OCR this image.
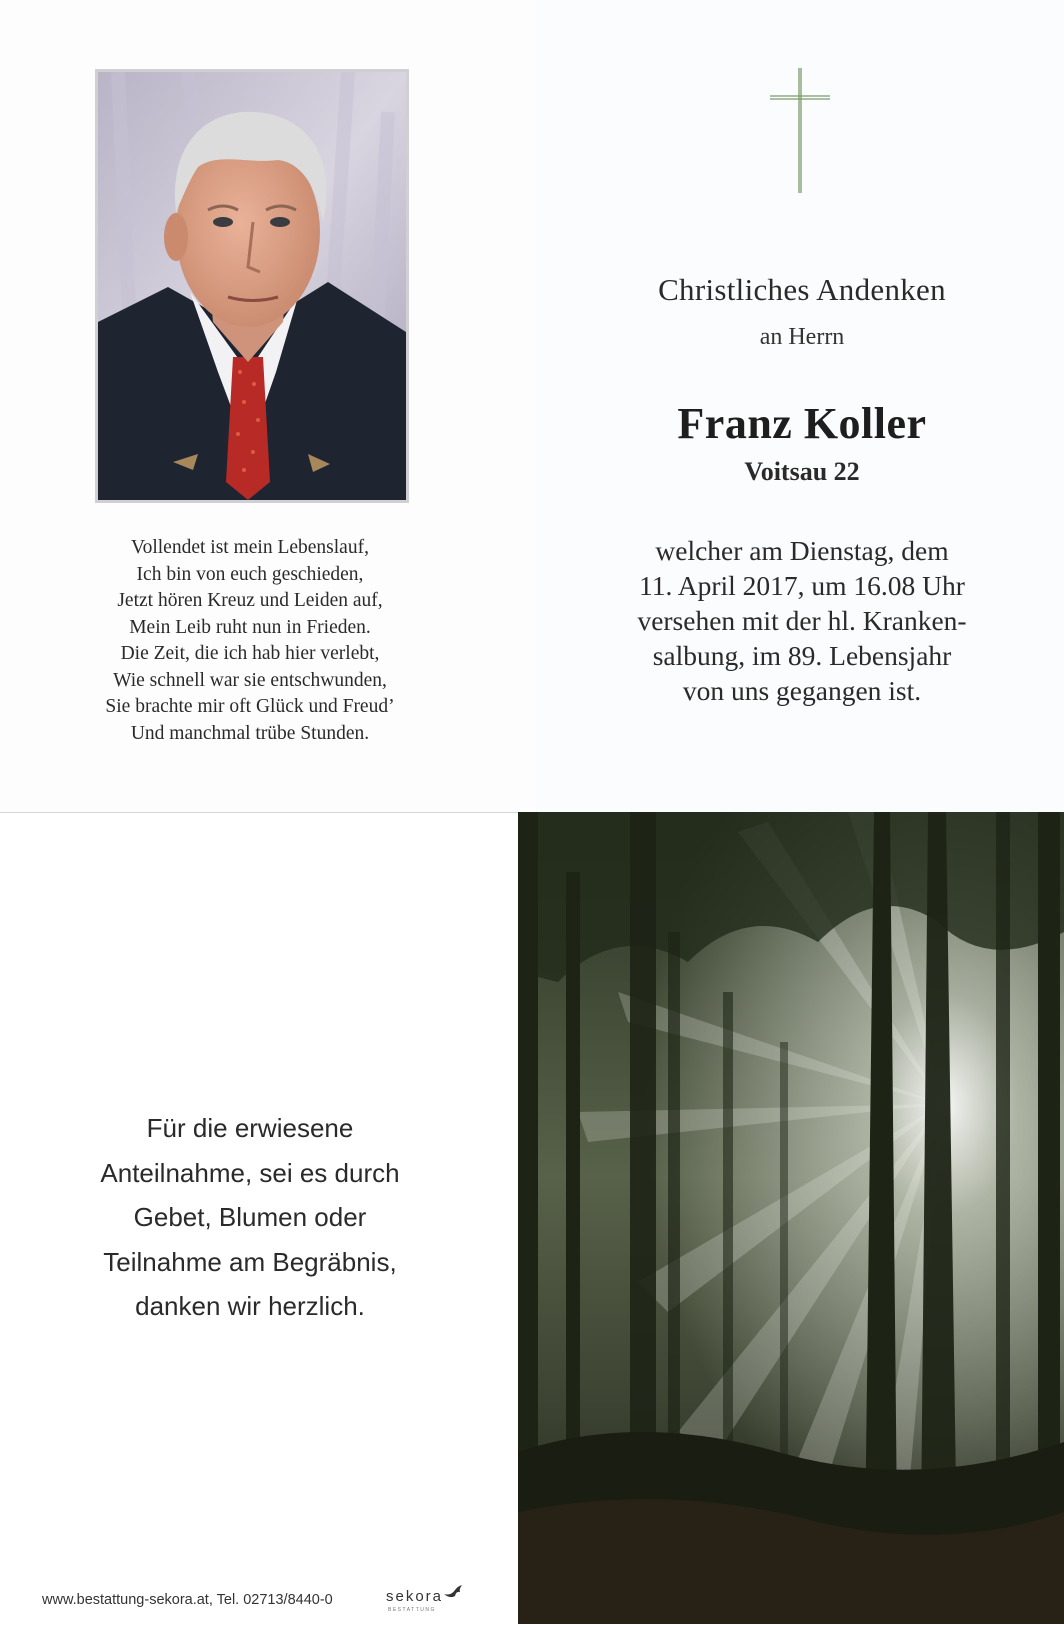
Vollendet ist mein Lebenslauf,
Ich bin von euch geschieden,
Jetzt hören Kreuz und Leiden auf,
Mein Leib ruht nun in Frieden.
Die Zeit, die ich hab hier verlebt,
Wie schnell war sie entschwunden,
Sie brachte mir oft Glück und Freud’
Und manchmal trübe Stunden.
Christliches Andenken
an Herrn
Franz Koller
Voitsau 22
welcher am Dienstag, dem
11. April 2017, um 16.08 Uhr
versehen mit der hl. Kranken-
salbung, im 89. Lebensjahr
von uns gegangen ist.
Für die erwiesene
Anteilnahme, sei es durch
Gebet, Blumen oder
Teilnahme am Begräbnis,
danken wir herzlich.
www.bestattung-sekora.at, Tel. 02713/8440-0	sekora
BESTATTUNG
